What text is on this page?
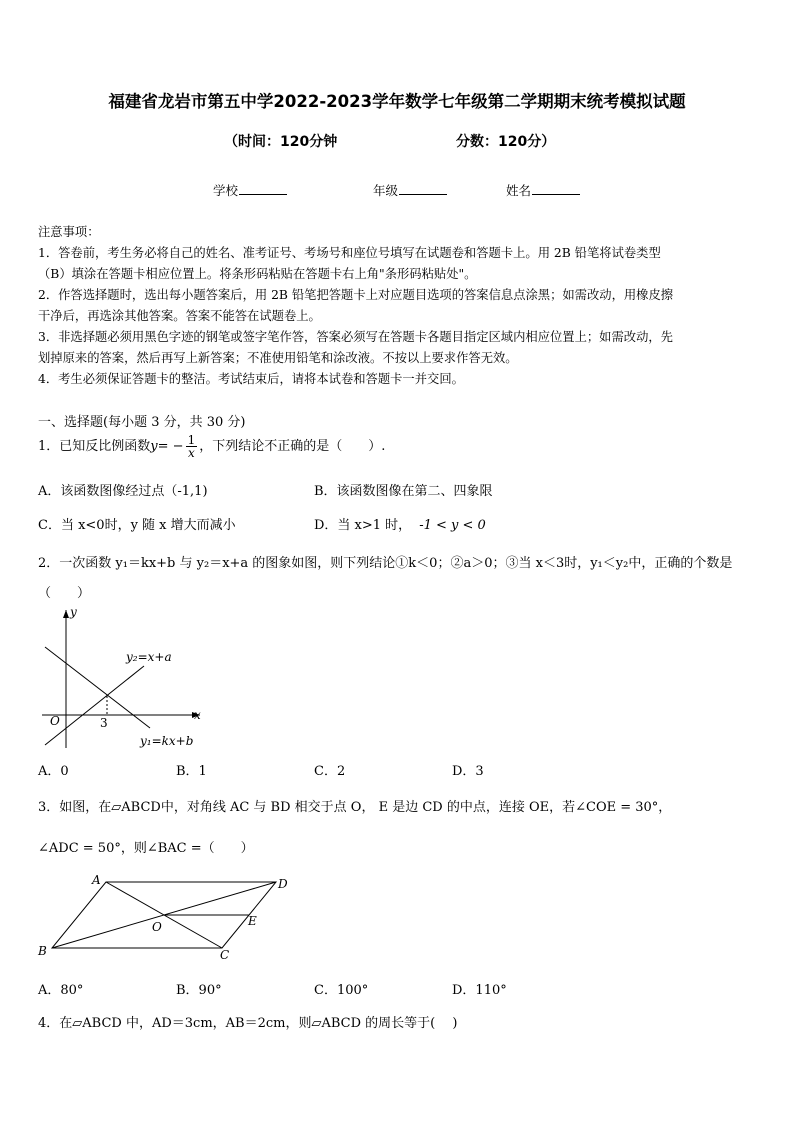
福建省龙岩市第五中学2022-2023学年数学七年级第二学期期末统考模拟试题
（时间：120分钟	分数：120分）
学校	年级	姓名
注意事项：
1．答卷前，考生务必将自己的姓名、准考证号、考场号和座位号填写在试题卷和答题卡上。用 2B 铅笔将试卷类型
（B）填涂在答题卡相应位置上。将条形码粘贴在答题卡右上角"条形码粘贴处"。
2．作答选择题时，选出每小题答案后，用 2B 铅笔把答题卡上对应题目选项的答案信息点涂黑；如需改动，用橡皮擦
干净后，再选涂其他答案。答案不能答在试题卷上。
3．非选择题必须用黑色字迹的钢笔或签字笔作答，答案必须写在答题卡各题目指定区域内相应位置上；如需改动，先
划掉原来的答案，然后再写上新答案；不准使用铅笔和涂改液。不按以上要求作答无效。
4．考生必须保证答题卡的整洁。考试结束后，请将本试卷和答题卡一并交回。
一、选择题(每小题 3 分，共 30 分)
1．已知反比例函数$y= - \frac{1}{x}$ ，下列结论不正确的是（　　）.
A．该函数图像经过点（-1,1)	B．该函数图像在第二、四象限
C．当 x<0时，y 随 x 增大而减小	D．当 x>1 时， -1 < y < 0
2．一次函数 y₁＝kx+b 与 y₂＝x+a 的图象如图，则下列结论①k＜0；②a＞0；③当 x＜3时，y₁＜y₂中，正确的个数是
（　　）
y
x
O	3
y₂=x+a
y₁=kx+b
A．0	B．1	C．2	D．3
3．如图，在▱ABCD中，对角线 AC 与 BD 相交于点 O， E 是边 CD 的中点，连接 OE，若∠COE = 30°，
∠ADC = 50°，则∠BAC =（　　）
A	D
B	C
O	E
A．80°	B．90°	C．100°	D．110°
4．在▱ABCD 中，AD＝3cm，AB＝2cm，则▱ABCD 的周长等于(　 )
